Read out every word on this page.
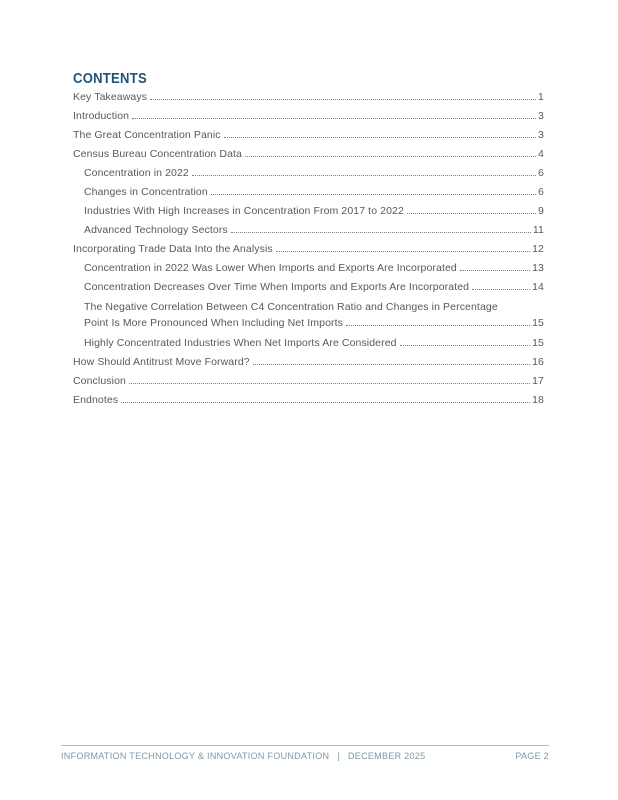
CONTENTS
Key Takeaways	1
Introduction	3
The Great Concentration Panic	3
Census Bureau Concentration Data	4
Concentration in 2022	6
Changes in Concentration	6
Industries With High Increases in Concentration From 2017 to 2022	9
Advanced Technology Sectors	11
Incorporating Trade Data Into the Analysis	12
Concentration in 2022 Was Lower When Imports and Exports Are Incorporated	13
Concentration Decreases Over Time When Imports and Exports Are Incorporated	14
The Negative Correlation Between C4 Concentration Ratio and Changes in Percentage
Point Is More Pronounced When Including Net Imports	15
Highly Concentrated Industries When Net Imports Are Considered	15
How Should Antitrust Move Forward?	16
Conclusion	17
Endnotes	18
INFORMATION TECHNOLOGY & INNOVATION FOUNDATION | DECEMBER 2025	PAGE 2
